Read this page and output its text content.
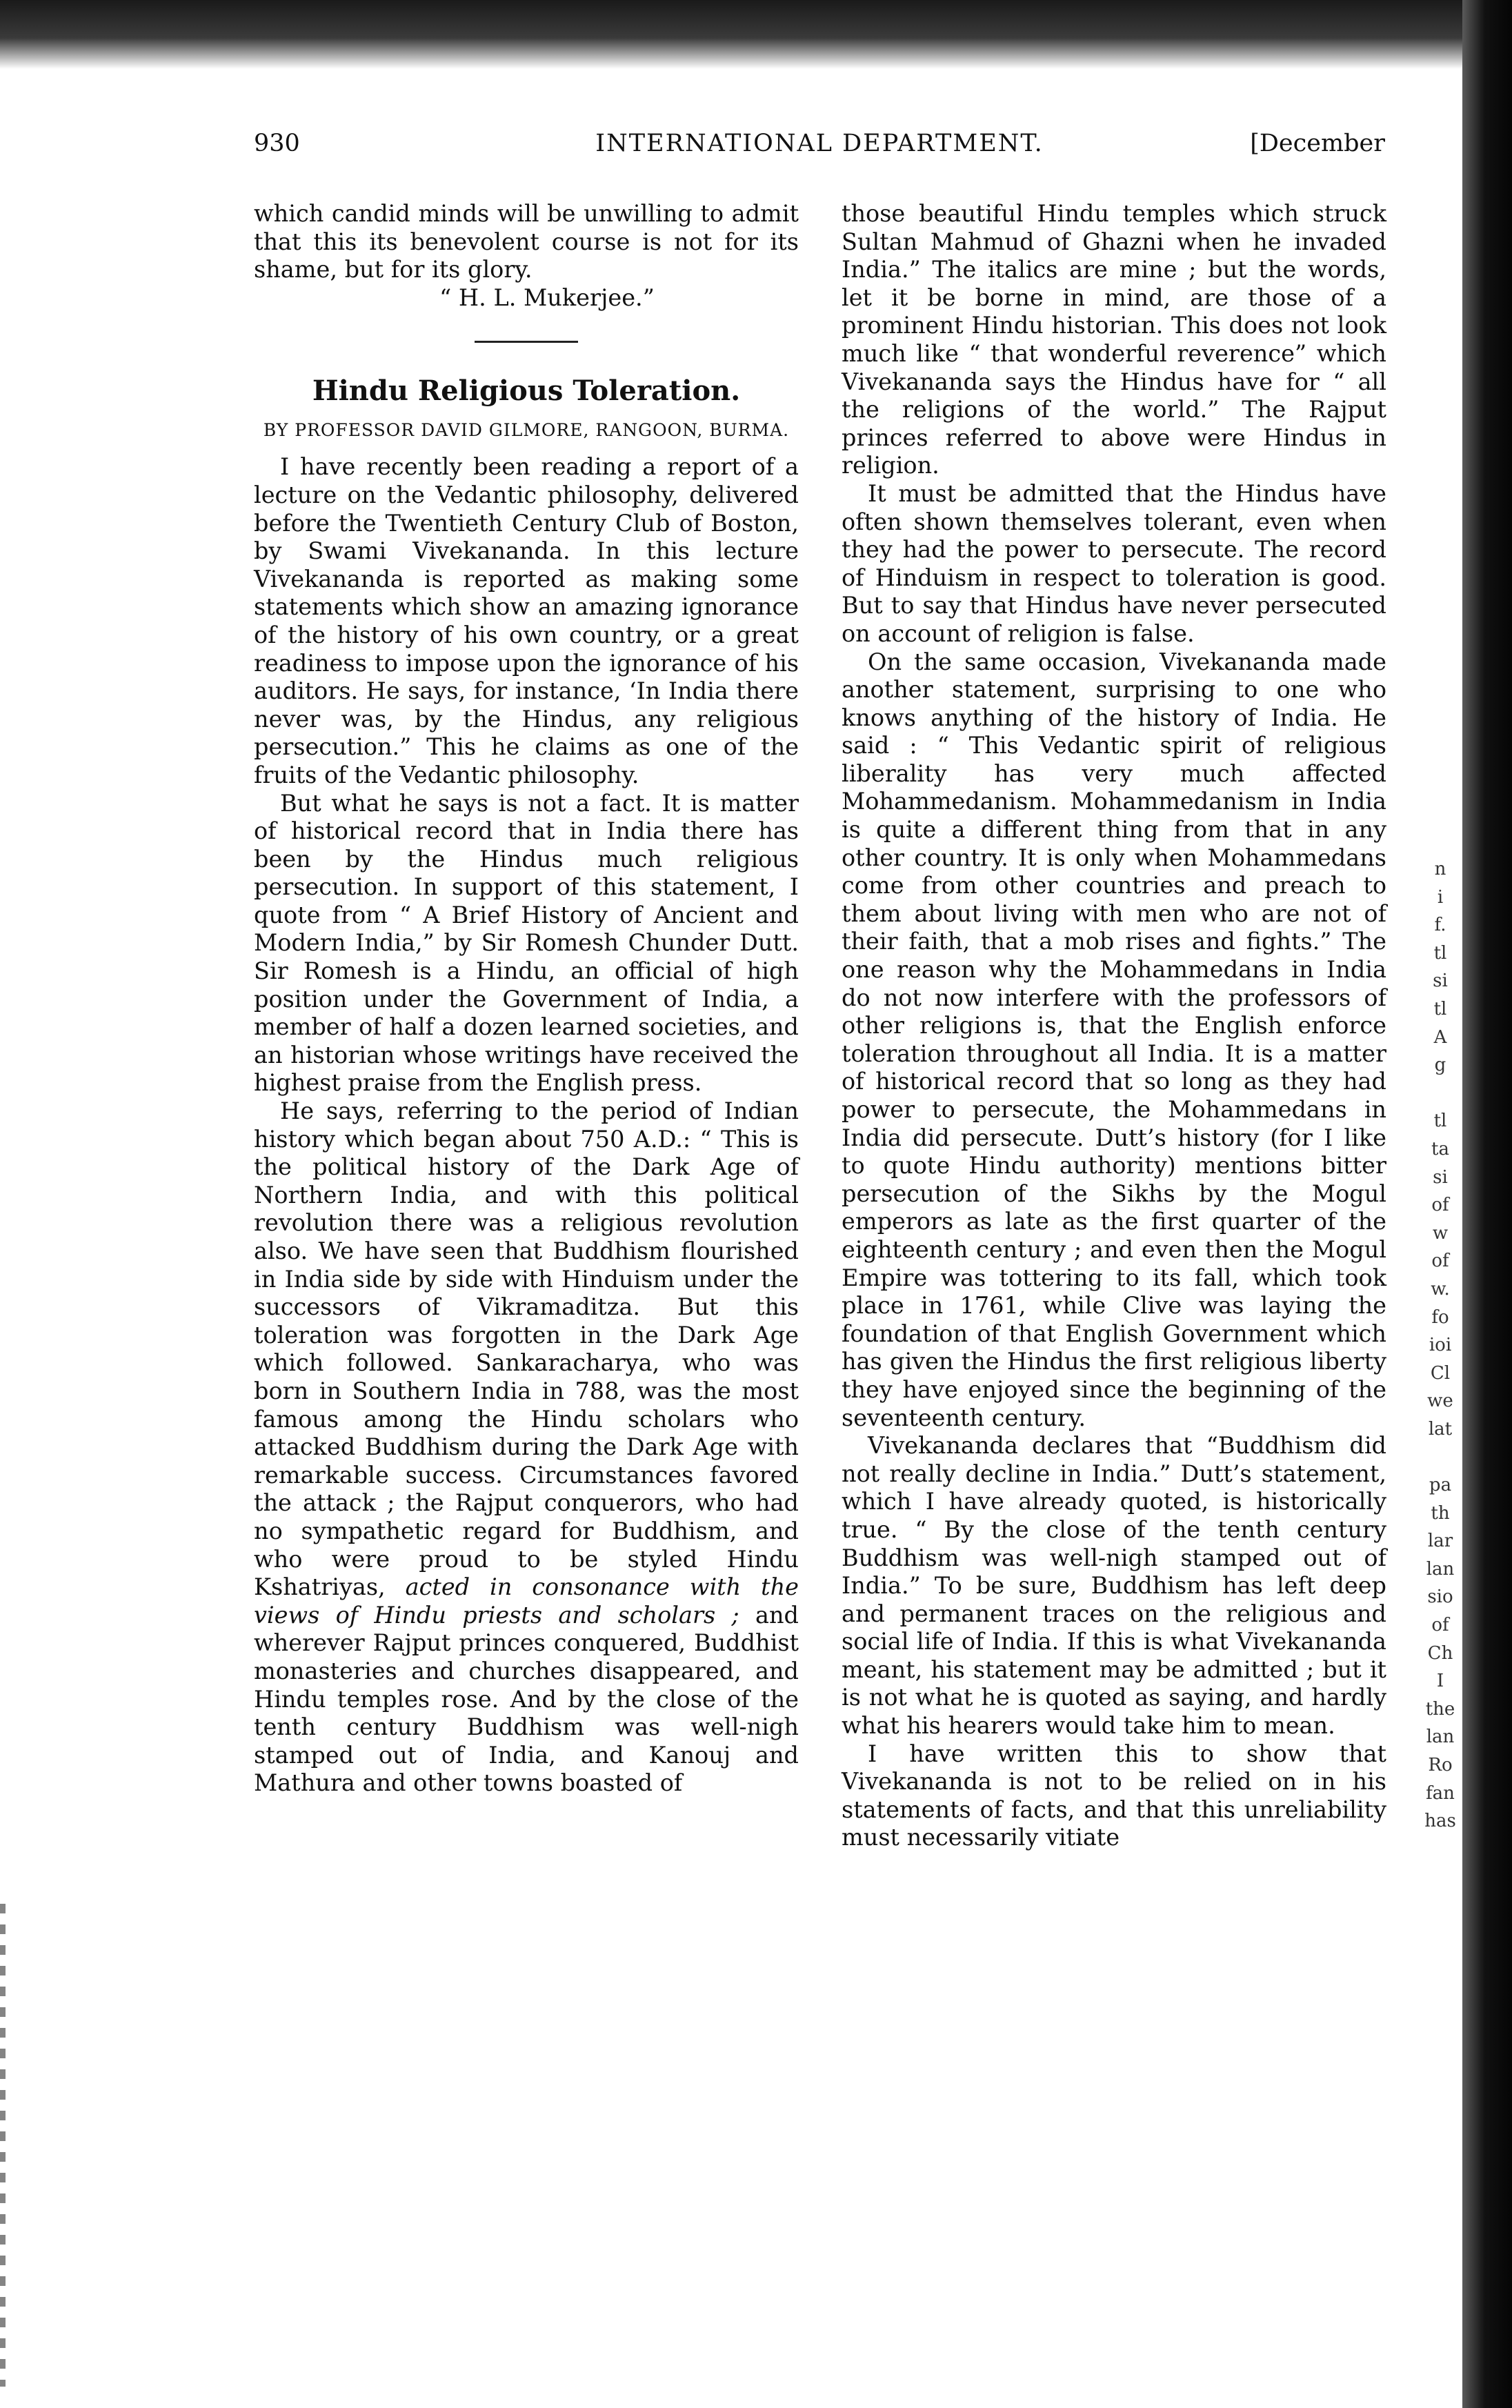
930	INTERNATIONAL DEPARTMENT.	[December

which candid minds will be unwilling to admit that this its benevolent course is not for its shame, but for its glory.

“ H. L. Mukerjee.”

Hindu Religious Toleration.
BY PROFESSOR DAVID GILMORE, RANGOON, BURMA.

I have recently been reading a report of a lecture on the Vedantic philosophy, delivered before the Twentieth Century Club of Boston, by Swami Vivekananda. In this lecture Vivekananda is reported as making some statements which show an amazing ignorance of the history of his own country, or a great readiness to impose upon the ignorance of his auditors. He says, for instance, ‘In India there never was, by the Hindus, any religious persecution.” This he claims as one of the fruits of the Vedantic philosophy.

But what he says is not a fact. It is matter of historical record that in India there has been by the Hindus much religious persecution. In support of this statement, I quote from “ A Brief History of Ancient and Modern India,” by Sir Romesh Chunder Dutt. Sir Romesh is a Hindu, an official of high position under the Government of India, a member of half a dozen learned societies, and an historian whose writings have received the highest praise from the English press.

He says, referring to the period of Indian history which began about 750 A.D.: “ This is the political history of the Dark Age of Northern India, and with this political revolution there was a religious revolution also. We have seen that Buddhism flourished in India side by side with Hinduism under the successors of Vikramaditza. But this toleration was forgotten in the Dark Age which followed. Sankaracharya, who was born in Southern India in 788, was the most famous among the Hindu scholars who attacked Buddhism during the Dark Age with remarkable success. Circumstances favored the attack ; the Rajput conquerors, who had no sympathetic regard for Buddhism, and who were proud to be styled Hindu Kshatriyas, acted in consonance with the views of Hindu priests and scholars ; and wherever Rajput princes conquered, Buddhist monasteries and churches disappeared, and Hindu temples rose. And by the close of the tenth century Buddhism was well-nigh stamped out of India, and Kanouj and Mathura and other towns boasted of

those beautiful Hindu temples which struck Sultan Mahmud of Ghazni when he invaded India.” The italics are mine ; but the words, let it be borne in mind, are those of a prominent Hindu historian. This does not look much like “ that wonderful reverence” which Vivekananda says the Hindus have for “ all the religions of the world.” The Rajput princes referred to above were Hindus in religion.

It must be admitted that the Hindus have often shown themselves tolerant, even when they had the power to persecute. The record of Hinduism in respect to toleration is good. But to say that Hindus have never persecuted on account of religion is false.

On the same occasion, Vivekananda made another statement, surprising to one who knows anything of the history of India. He said : “ This Vedantic spirit of religious liberality has very much affected Mohammedanism. Mohammedanism in India is quite a different thing from that in any other country. It is only when Mohammedans come from other countries and preach to them about living with men who are not of their faith, that a mob rises and fights.” The one reason why the Mohammedans in India do not now interfere with the professors of other religions is, that the English enforce toleration throughout all India. It is a matter of historical record that so long as they had power to persecute, the Mohammedans in India did persecute. Dutt’s history (for I like to quote Hindu authority) mentions bitter persecution of the Sikhs by the Mogul emperors as late as the first quarter of the eighteenth century ; and even then the Mogul Empire was tottering to its fall, which took place in 1761, while Clive was laying the foundation of that English Government which has given the Hindus the first religious liberty they have enjoyed since the beginning of the seventeenth century.

Vivekananda declares that “Buddhism did not really decline in India.” Dutt’s statement, which I have already quoted, is historically true. “ By the close of the tenth century Buddhism was well-nigh stamped out of India.” To be sure, Buddhism has left deep and permanent traces on the religious and social life of India. If this is what Vivekananda meant, his statement may be admitted ; but it is not what he is quoted as saying, and hardly what his hearers would take him to mean.

I have written this to show that Vivekananda is not to be relied on in his statements of facts, and that this unreliability must necessarily vitiate

n
i
f.
tl
si
tl
A
g

tl
ta
si
of
w
of
w.
fo
ioi
Cl
we
lat

pa
th
lar
lan
sio
of
Ch
I
the
lan
Ro
fan
has
